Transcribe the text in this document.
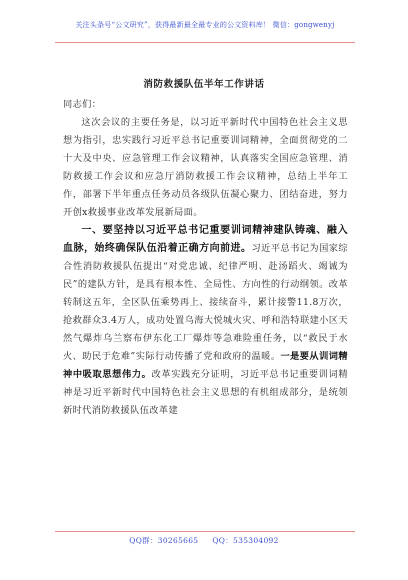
关注头条号“公文研究”，获得最新最全最专业的公文资料库！ 微信：gongwenyj
消防救援队伍半年工作讲话

同志们：

这次会议的主要任务是，以习近平新时代中国特色社会主义思想为指引，忠实践行习近平总书记重要训词精神，全面贯彻党的二十大及中央、应急管理工作会议精神，认真落实全国应急管理、消防救援工作会议和应急厅消防救援工作会议精神，总结上半年工作，部署下半年重点任务动员各级队伍凝心聚力、团结奋进，努力开创x救援事业改革发展新局面。

一、要坚持以习近平总书记重要训词精神建队铸魂、融入血脉，始终确保队伍沿着正确方向前进。习近平总书记为国家综合性消防救援队伍提出“对党忠诚、纪律严明、赴汤蹈火、竭诚为民”的建队方针，是具有根本性、全局性、方向性的行动纲领。改革转制这五年，全区队伍乘势再上、接续奋斗，累计接警11.8万次，抢救群众3.4万人，成功处置乌海大悦城火灾、呼和浩特联建小区天然气爆炸乌兰察布伊东化工厂爆炸等急难险重任务，以“救民于水火、助民于危难”实际行动传播了党和政府的温暖。一是要从训词精神中吸取思想伟力。改革实践充分证明，习近平总书记重要训词精神是习近平新时代中国特色社会主义思想的有机组成部分，是统领新时代消防救援队伍改革建

QQ群：30265665 QQ：535304092
